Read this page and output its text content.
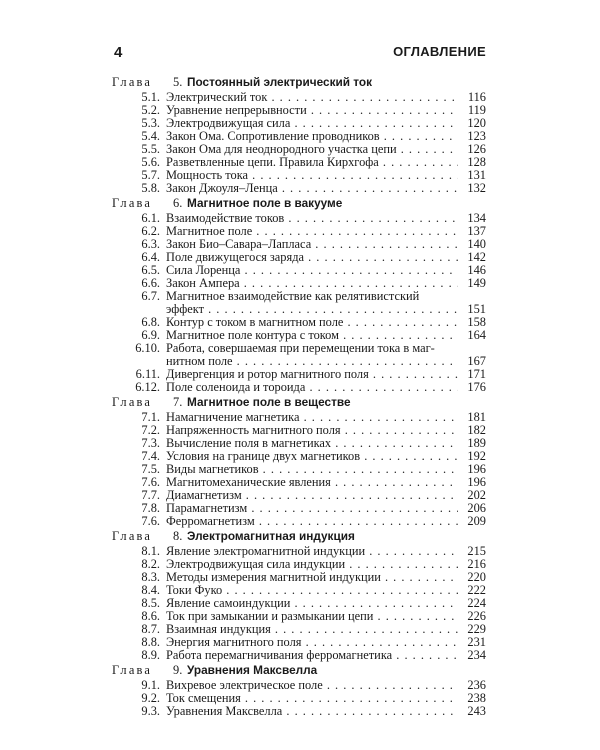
4	ОГЛАВЛЕНИЕ
Глава 5. Постоянный электрический ток
5.1. Электрический ток . . .	116
5.2. Уравнение непрерывности . . .	119
5.3. Электродвижущая сила . . .	120
5.4. Закон Ома. Сопротивление проводников . . .	123
5.5. Закон Ома для неоднородного участка цепи . . .	126
5.6. Разветвленные цепи. Правила Кирхгофа . . .	128
5.7. Мощность тока . . .	131
5.8. Закон Джоуля–Ленца . . .	132
Глава 6. Магнитное поле в вакууме
6.1. Взаимодействие токов . . .	134
6.2. Магнитное поле . . .	137
6.3. Закон Био–Савара–Лапласа . . .	140
6.4. Поле движущегося заряда . . .	142
6.5. Сила Лоренца . . .	146
6.6. Закон Ампера . . .	149
6.7. Магнитное взаимодействие как релятивистский
эффект . . .	151
6.8. Контур с током в магнитном поле . . .	158
6.9. Магнитное поле контура с током . . .	164
6.10. Работа, совершаемая при перемещении тока в маг-
нитном поле . . .	167
6.11. Дивергенция и ротор магнитного поля . . .	171
6.12. Поле соленоида и тороида . . .	176
Глава 7. Магнитное поле в веществе
7.1. Намагничение магнетика . . .	181
7.2. Напряженность магнитного поля . . .	182
7.3. Вычисление поля в магнетиках . . .	189
7.4. Условия на границе двух магнетиков . . .	192
7.5. Виды магнетиков . . .	196
7.6. Магнитомеханические явления . . .	196
7.7. Диамагнетизм . . .	202
7.8. Парамагнетизм . . .	206
7.6. Ферромагнетизм . . .	209
Глава 8. Электромагнитная индукция
8.1. Явление электромагнитной индукции . . .	215
8.2. Электродвижущая сила индукции . . .	216
8.3. Методы измерения магнитной индукции . . .	220
8.4. Токи Фуко . . .	222
8.5. Явление самоиндукции . . .	224
8.6. Ток при замыкании и размыкании цепи . . .	226
8.7. Взаимная индукция . . .	229
8.8. Энергия магнитного поля . . .	231
8.9. Работа перемагничивания ферромагнетика . . .	234
Глава 9. Уравнения Максвелла
9.1. Вихревое электрическое поле . . .	236
9.2. Ток смещения . . .	238
9.3. Уравнения Максвелла . . .	243
